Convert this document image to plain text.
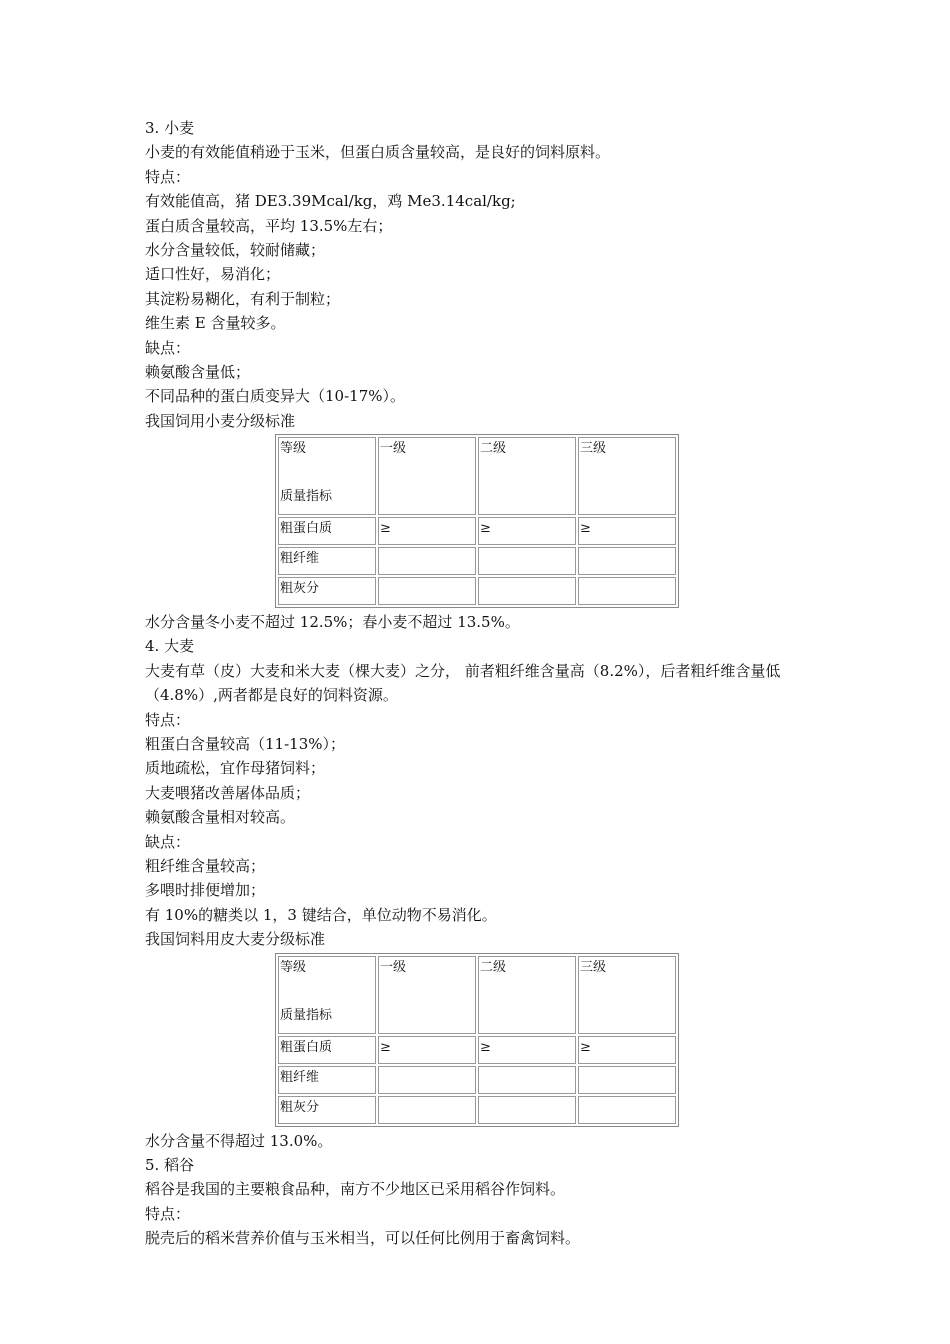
3. 小麦

小麦的有效能值稍逊于玉米，但蛋白质含量较高，是良好的饲料原料。

特点：

有效能值高，猪 DE3.39Mcal/kg，鸡 Me3.14cal/kg;

蛋白质含量较高，平均 13.5%左右；

水分含量较低，较耐储藏；

适口性好，易消化；

其淀粉易糊化，有利于制粒；

维生素 E 含量较多。

缺点：

赖氨酸含量低；

不同品种的蛋白质变异大（10-17%）。

我国饲用小麦分级标准

等级
质量指标	一级	二级	三级
粗蛋白质	≥	≥	≥
粗纤维			
粗灰分			

水分含量冬小麦不超过 12.5%；春小麦不超过 13.5%。

4. 大麦

大麦有草（皮）大麦和米大麦（棵大麦）之分， 前者粗纤维含量高（8.2%），后者粗纤维含量低（4.8%）,两者都是良好的饲料资源。

特点：

粗蛋白含量较高（11-13%）；

质地疏松，宜作母猪饲料；

大麦喂猪改善屠体品质；

赖氨酸含量相对较高。

缺点：

粗纤维含量较高；

多喂时排便增加；

有 10%的糖类以 1，3 键结合，单位动物不易消化。

我国饲料用皮大麦分级标准

等级
质量指标	一级	二级	三级
粗蛋白质	≥	≥	≥
粗纤维			
粗灰分			

水分含量不得超过 13.0%。

5. 稻谷

稻谷是我国的主要粮食品种，南方不少地区已采用稻谷作饲料。

特点：

脱壳后的稻米营养价值与玉米相当，可以任何比例用于畜禽饲料。
